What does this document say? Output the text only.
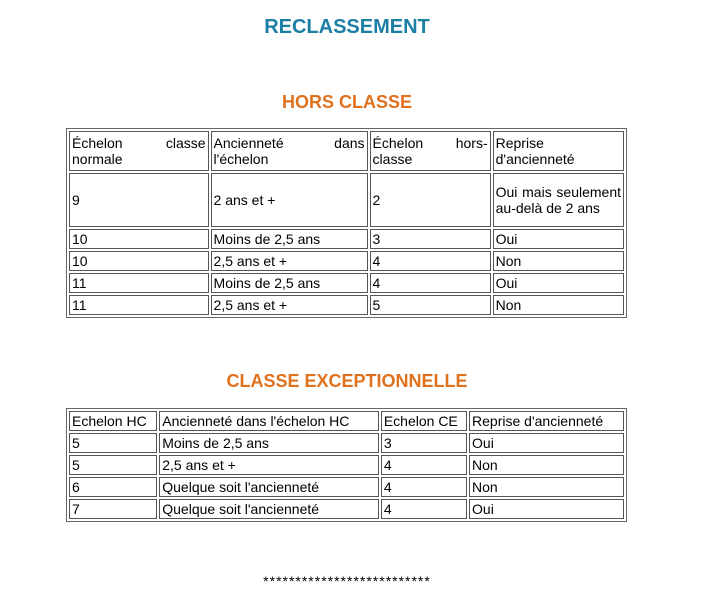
RECLASSEMENT
HORS CLASSE
Échelon classe normale	Ancienneté dans l'échelon	Échelon hors-classe	Reprise d'ancienneté
9	2 ans et +	2	Oui mais seulement au-delà de 2 ans
10	Moins de 2,5 ans	3	Oui
10	2,5 ans et +	4	Non
11	Moins de 2,5 ans	4	Oui
11	2,5 ans et +	5	Non
CLASSE EXCEPTIONNELLE
Echelon HC	Ancienneté dans l'échelon HC	Echelon CE	Reprise d'ancienneté
5	Moins de 2,5 ans	3	Oui
5	2,5 ans et +	4	Non
6	Quelque soit l'ancienneté	4	Non
7	Quelque soit l'ancienneté	4	Oui
**************************
